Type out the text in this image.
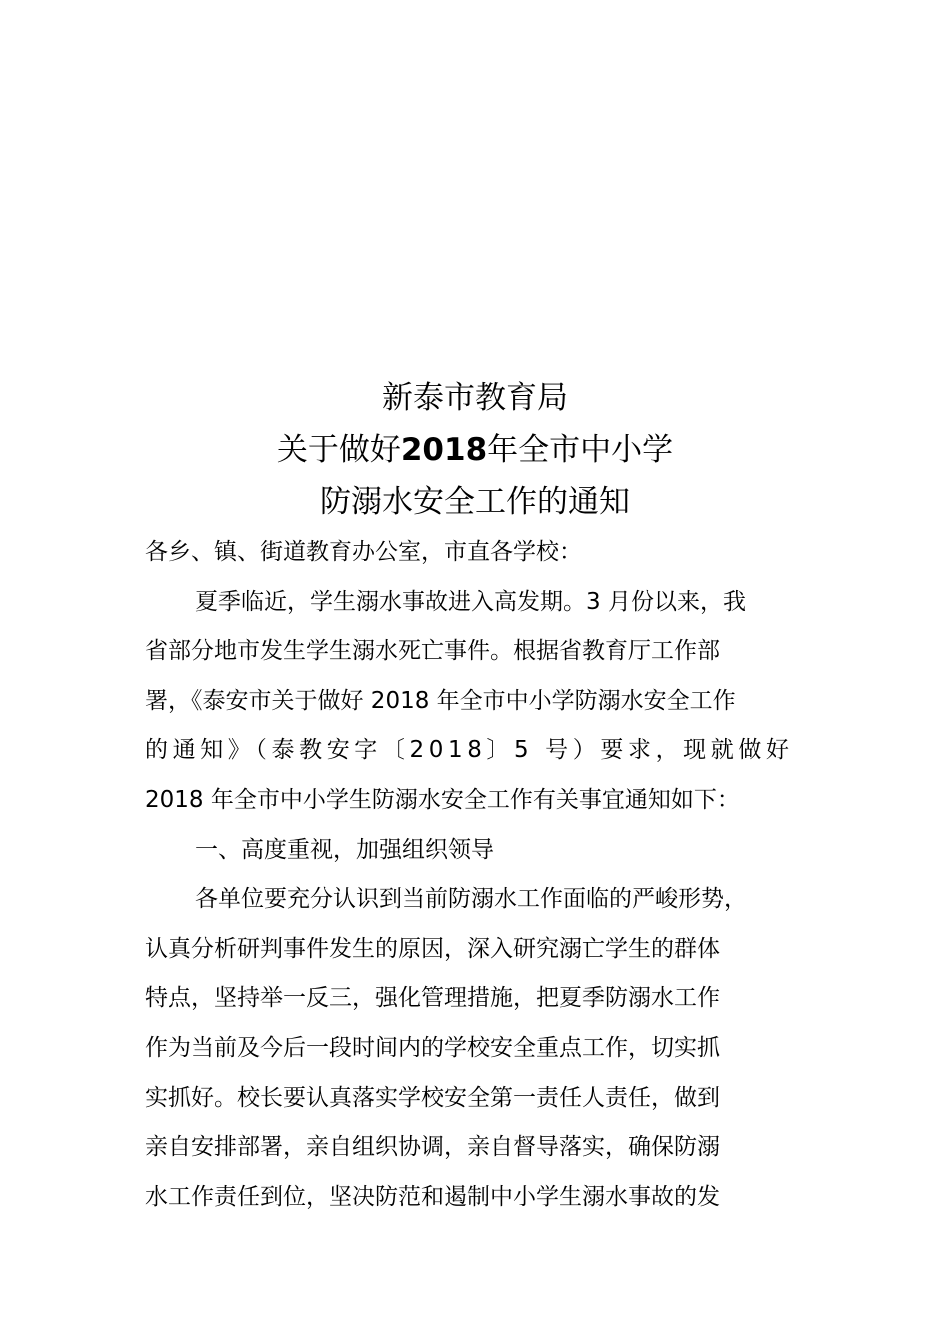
新泰市教育局
关于做好2018年全市中小学
防溺水安全工作的通知
各乡、镇、街道教育办公室，市直各学校：
夏季临近，学生溺水事故进入高发期。3 月份以来，我
省部分地市发生学生溺水死亡事件。根据省教育厅工作部
署，《泰安市关于做好 2018 年全市中小学防溺水安全工作
的通知》（泰教安字〔2018〕5 号）要求，现就做好
2018 年全市中小学生防溺水安全工作有关事宜通知如下：
一、高度重视，加强组织领导
各单位要充分认识到当前防溺水工作面临的严峻形势，
认真分析研判事件发生的原因，深入研究溺亡学生的群体
特点，坚持举一反三，强化管理措施，把夏季防溺水工作
作为当前及今后一段时间内的学校安全重点工作，切实抓
实抓好。校长要认真落实学校安全第一责任人责任，做到
亲自安排部署，亲自组织协调，亲自督导落实，确保防溺
水工作责任到位，坚决防范和遏制中小学生溺水事故的发
